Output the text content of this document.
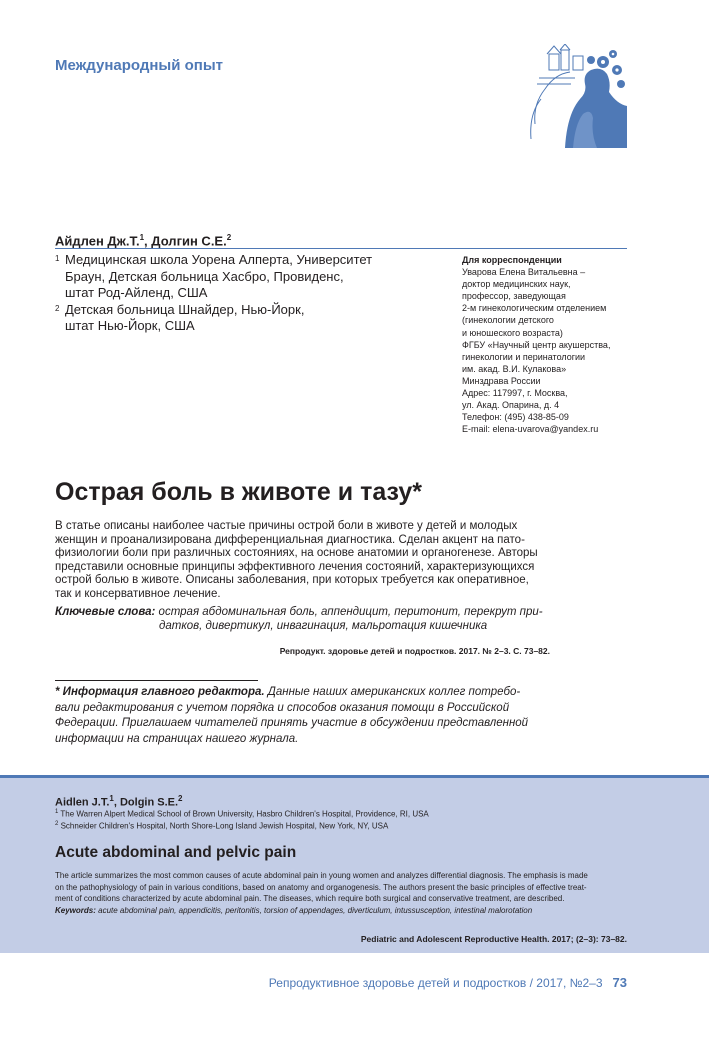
Международный опыт
Айдлен Дж.Т.$^1$, Долгин С.Е.$^2$
1 Медицинская школа Уорена Алперта, Университет
Браун, Детская больница Хасбро, Провиденс,
штат Род-Айленд, США
2 Детская больница Шнайдер, Нью-Йорк,
штат Нью-Йорк, США
Для корреспонденции
Уварова Елена Витальевна –
доктор медицинских наук,
профессор, заведующая
2-м гинекологическим отделением
(гинекологии детского
и юношеского возраста)
ФГБУ «Научный центр акушерства,
гинекологии и перинатологии
им. акад. В.И. Кулакова»
Минздрава России
Адрес: 117997, г. Москва,
ул. Акад. Опарина, д. 4
Телефон: (495) 438-85-09
E-mail: elena-uvarova@yandex.ru
Острая боль в животе и тазу*
В статье описаны наиболее частые причины острой боли в животе у детей и молодых
женщин и проанализирована дифференциальная диагностика. Сделан акцент на пато-
физиологии боли при различных состояниях, на основе анатомии и органогенезе. Авторы
представили основные принципы эффективного лечения состояний, характеризующихся
острой болью в животе. Описаны заболевания, при которых требуется как оперативное,
так и консервативное лечение.
Ключевые слова: острая абдоминальная боль, аппендицит, перитонит, перекрут при-
датков, дивертикул, инвагинация, мальротация кишечника
Репродукт. здоровье детей и подростков. 2017. № 2–3. С. 73–82.
* Информация главного редактора. Данные наших американских коллег потребо-
вали редактирования с учетом порядка и способов оказания помощи в Российской
Федерации. Приглашаем читателей принять участие в обсуждении представленной
информации на страницах нашего журнала.
Aidlen J.T.$^1$, Dolgin S.E.$^2$
$^1$ The Warren Alpert Medical School of Brown University, Hasbro Children's Hospital, Providence, RI, USA
$^2$ Schneider Children's Hospital, North Shore-Long Island Jewish Hospital, New York, NY, USA
Acute abdominal and pelvic pain
The article summarizes the most common causes of acute abdominal pain in young women and analyzes differential diagnosis. The emphasis is made
on the pathophysiology of pain in various conditions, based on anatomy and organogenesis. The authors present the basic principles of effective treat-
ment of conditions characterized by acute abdominal pain. The diseases, which require both surgical and conservative treatment, are described.
Keywords: acute abdominal pain, appendicitis, peritonitis, torsion of appendages, diverticulum, intussusception, intestinal malorotation
Pediatric and Adolescent Reproductive Health. 2017; (2–3): 73–82.
Репродуктивное здоровье детей и подростков / 2017, №2–3 73
